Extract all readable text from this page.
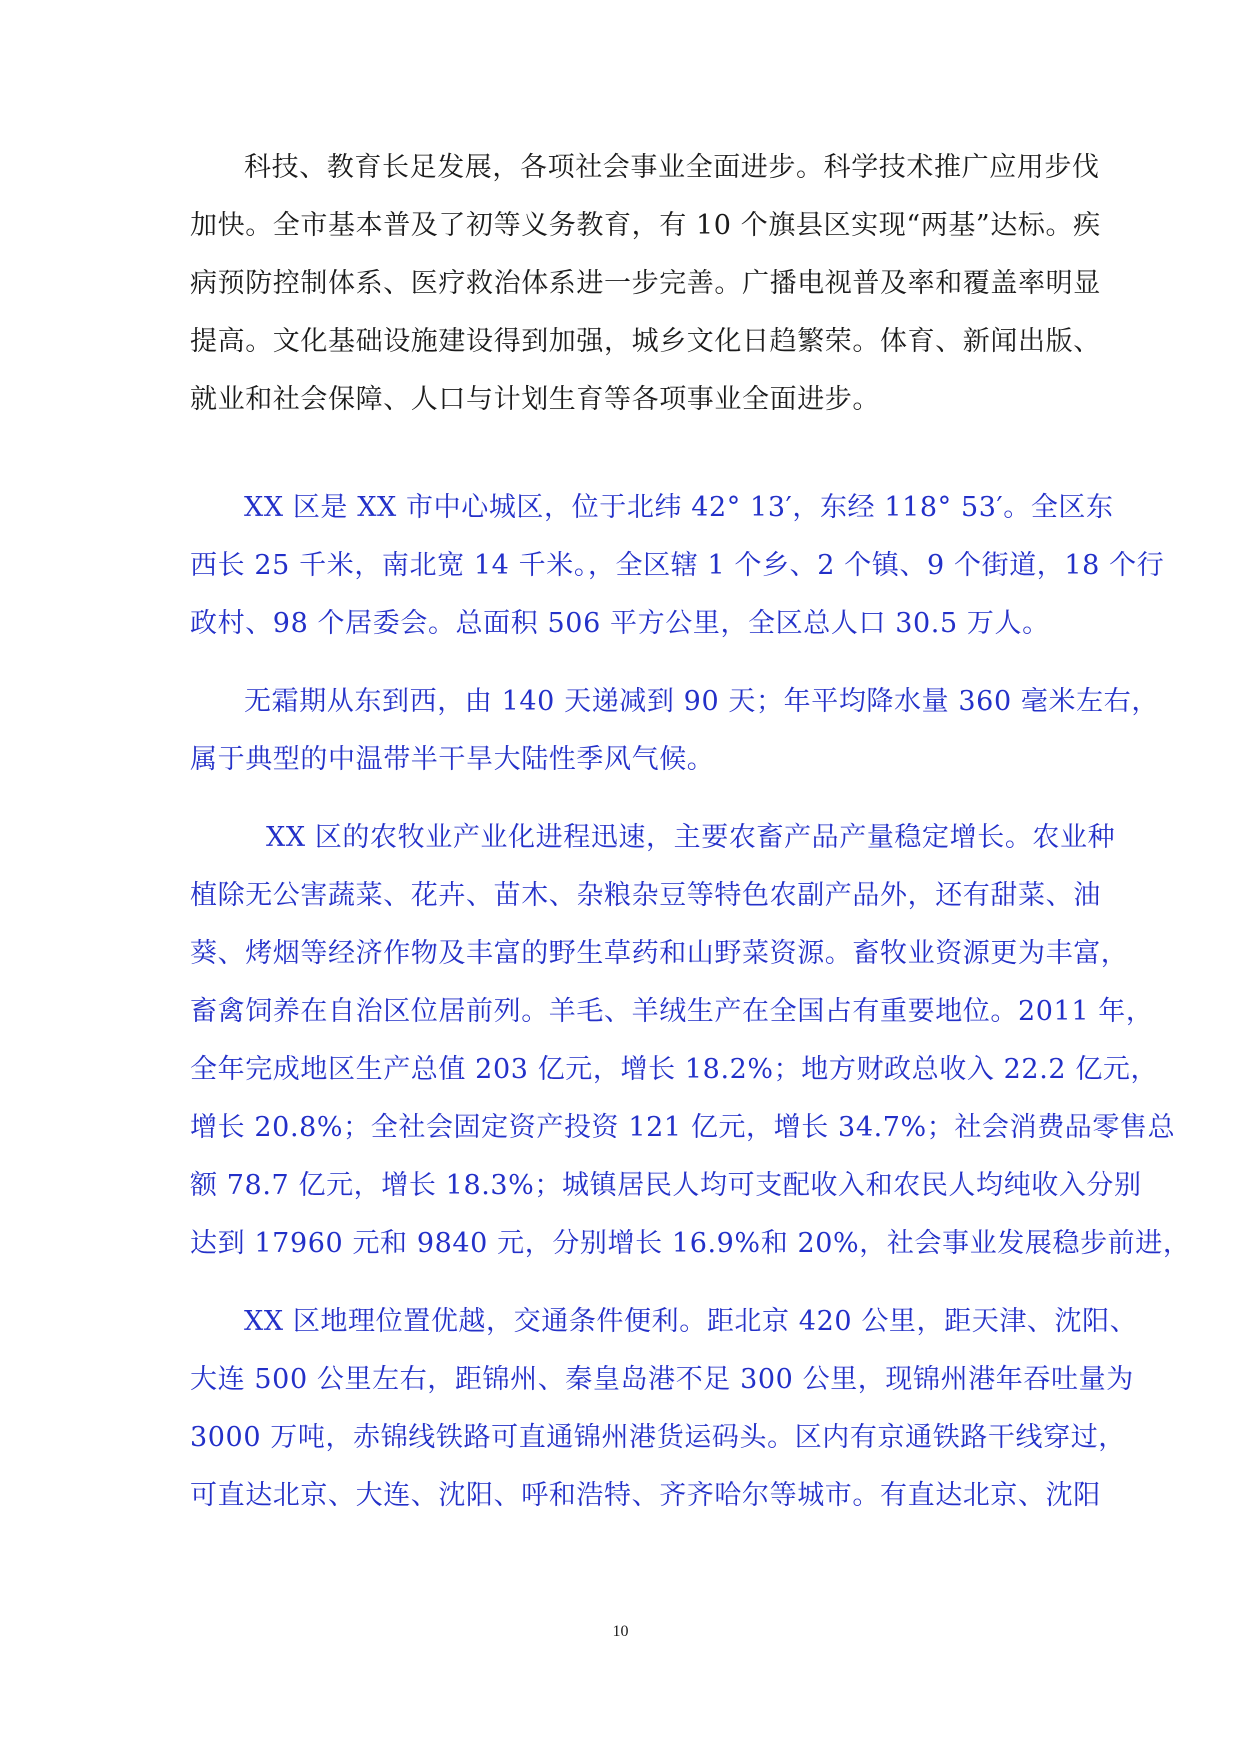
科技、教育长足发展，各项社会事业全面进步。科学技术推广应用步伐
加快。全市基本普及了初等义务教育，有 10 个旗县区实现“两基”达标。疾
病预防控制体系、医疗救治体系进一步完善。广播电视普及率和覆盖率明显
提高。文化基础设施建设得到加强，城乡文化日趋繁荣。体育、新闻出版、
就业和社会保障、人口与计划生育等各项事业全面进步。
XX 区是 XX 市中心城区，位于北纬 42° 13′，东经 118° 53′。全区东
西长 25 千米，南北宽 14 千米。，全区辖 1 个乡、2 个镇、9 个街道，18 个行
政村、98 个居委会。总面积 506 平方公里，全区总人口 30.5 万人。
无霜期从东到西，由 140 天递减到 90 天；年平均降水量 360 毫米左右，
属于典型的中温带半干旱大陆性季风气候。
XX 区的农牧业产业化进程迅速，主要农畜产品产量稳定增长。农业种
植除无公害蔬菜、花卉、苗木、杂粮杂豆等特色农副产品外，还有甜菜、油
葵、烤烟等经济作物及丰富的野生草药和山野菜资源。畜牧业资源更为丰富，
畜禽饲养在自治区位居前列。羊毛、羊绒生产在全国占有重要地位。2011 年，
全年完成地区生产总值 203 亿元，增长 18.2%；地方财政总收入 22.2 亿元，
增长 20.8%；全社会固定资产投资 121 亿元，增长 34.7%；社会消费品零售总
额 78.7 亿元，增长 18.3%；城镇居民人均可支配收入和农民人均纯收入分别
达到 17960 元和 9840 元，分别增长 16.9%和 20%，社会事业发展稳步前进，
XX 区地理位置优越，交通条件便利。距北京 420 公里，距天津、沈阳、
大连 500 公里左右，距锦州、秦皇岛港不足 300 公里，现锦州港年吞吐量为
3000 万吨，赤锦线铁路可直通锦州港货运码头。区内有京通铁路干线穿过，
可直达北京、大连、沈阳、呼和浩特、齐齐哈尔等城市。有直达北京、沈阳
10
